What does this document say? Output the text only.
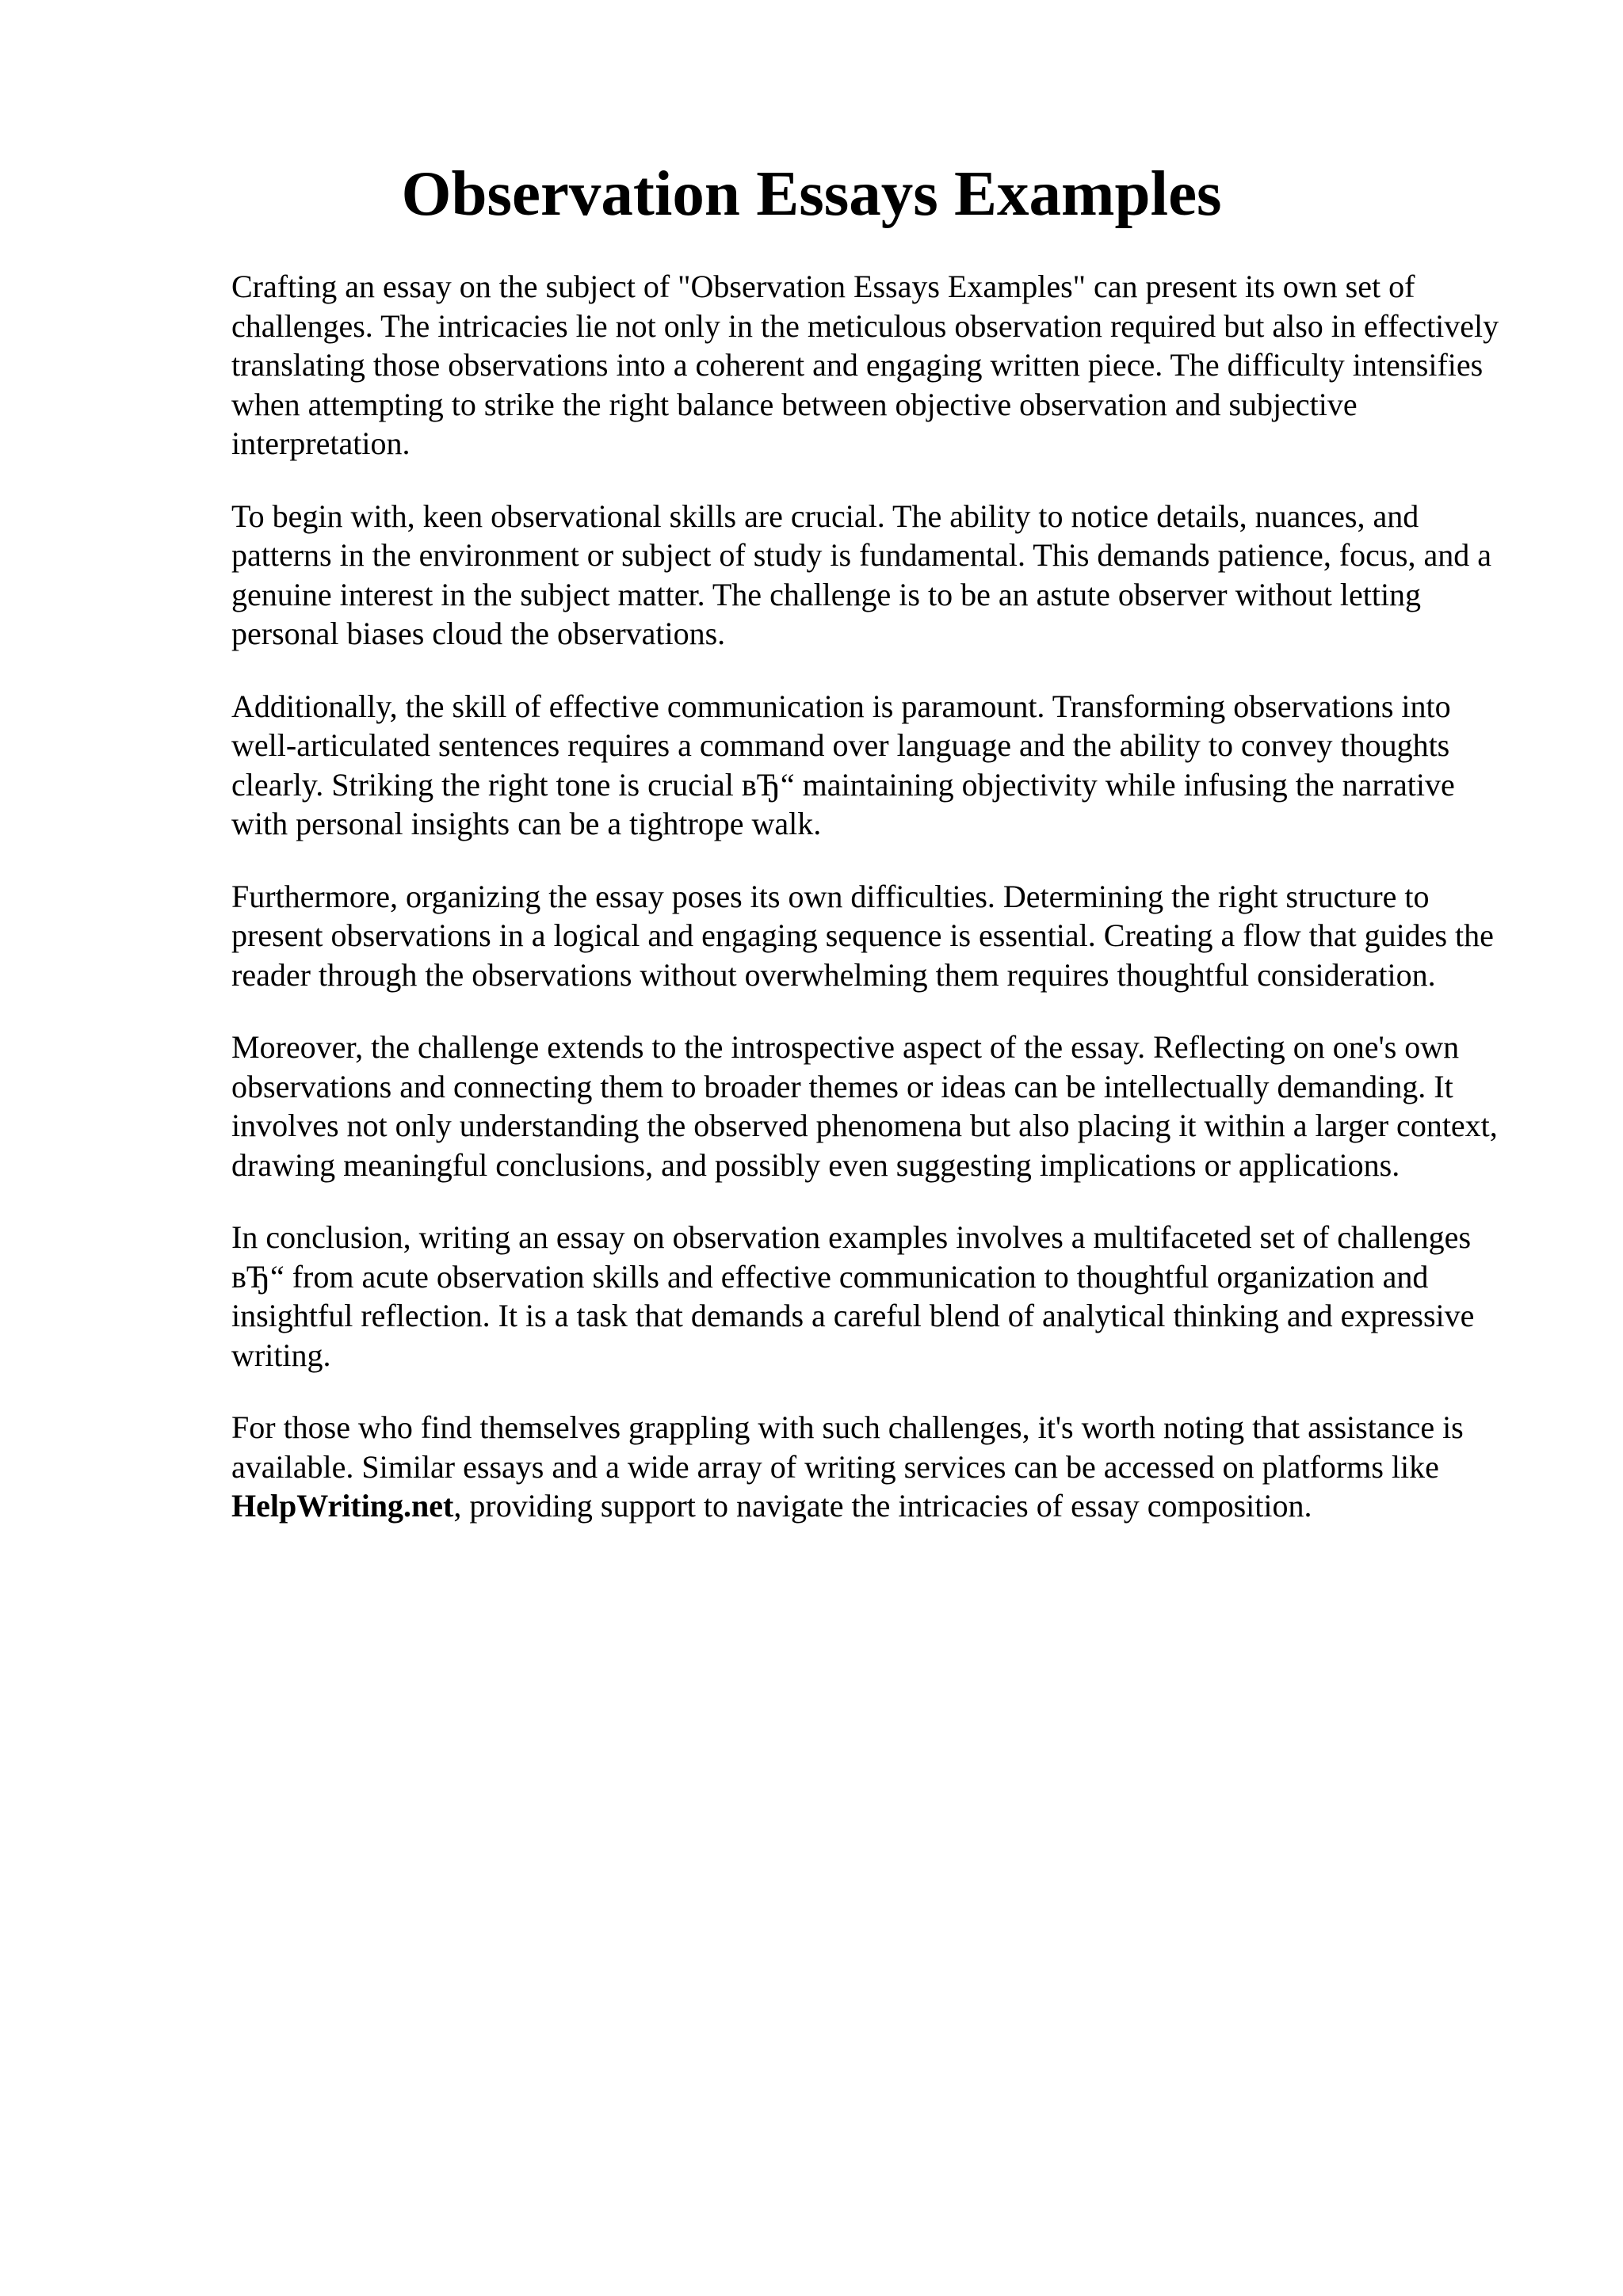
Observation Essays Examples

Crafting an essay on the subject of "Observation Essays Examples" can present its own set of challenges. The intricacies lie not only in the meticulous observation required but also in effectively translating those observations into a coherent and engaging written piece. The difficulty intensifies when attempting to strike the right balance between objective observation and subjective interpretation.

To begin with, keen observational skills are crucial. The ability to notice details, nuances, and patterns in the environment or subject of study is fundamental. This demands patience, focus, and a genuine interest in the subject matter. The challenge is to be an astute observer without letting personal biases cloud the observations.

Additionally, the skill of effective communication is paramount. Transforming observations into well-articulated sentences requires a command over language and the ability to convey thoughts clearly. Striking the right tone is crucial вЂ“ maintaining objectivity while infusing the narrative with personal insights can be a tightrope walk.

Furthermore, organizing the essay poses its own difficulties. Determining the right structure to present observations in a logical and engaging sequence is essential. Creating a flow that guides the reader through the observations without overwhelming them requires thoughtful consideration.

Moreover, the challenge extends to the introspective aspect of the essay. Reflecting on one's own observations and connecting them to broader themes or ideas can be intellectually demanding. It involves not only understanding the observed phenomena but also placing it within a larger context, drawing meaningful conclusions, and possibly even suggesting implications or applications.

In conclusion, writing an essay on observation examples involves a multifaceted set of challenges вЂ“ from acute observation skills and effective communication to thoughtful organization and insightful reflection. It is a task that demands a careful blend of analytical thinking and expressive writing.

For those who find themselves grappling with such challenges, it's worth noting that assistance is available. Similar essays and a wide array of writing services can be accessed on platforms like HelpWriting.net, providing support to navigate the intricacies of essay composition.
